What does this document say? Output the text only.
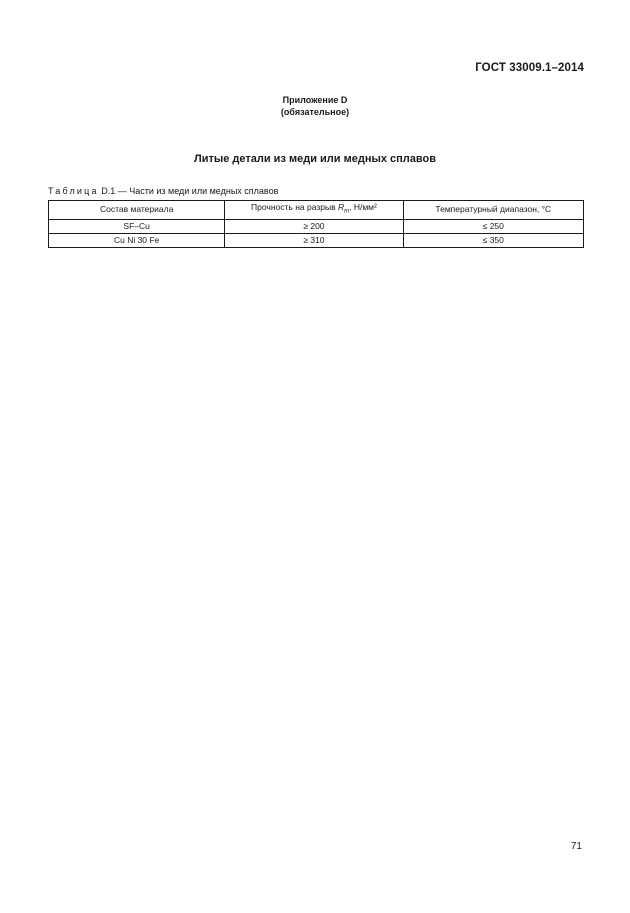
ГОСТ 33009.1–2014
Приложение D
(обязательное)
Литые детали из меди или медных сплавов
Таблица D.1 — Части из меди или медных сплавов
Состав материала	Прочность на разрыв $R_m$, Н/мм²	Температурный диапазон, °С
SF–Cu	≥ 200	≤ 250
Cu Ni 30 Fe	≥ 310	≤ 350
71
